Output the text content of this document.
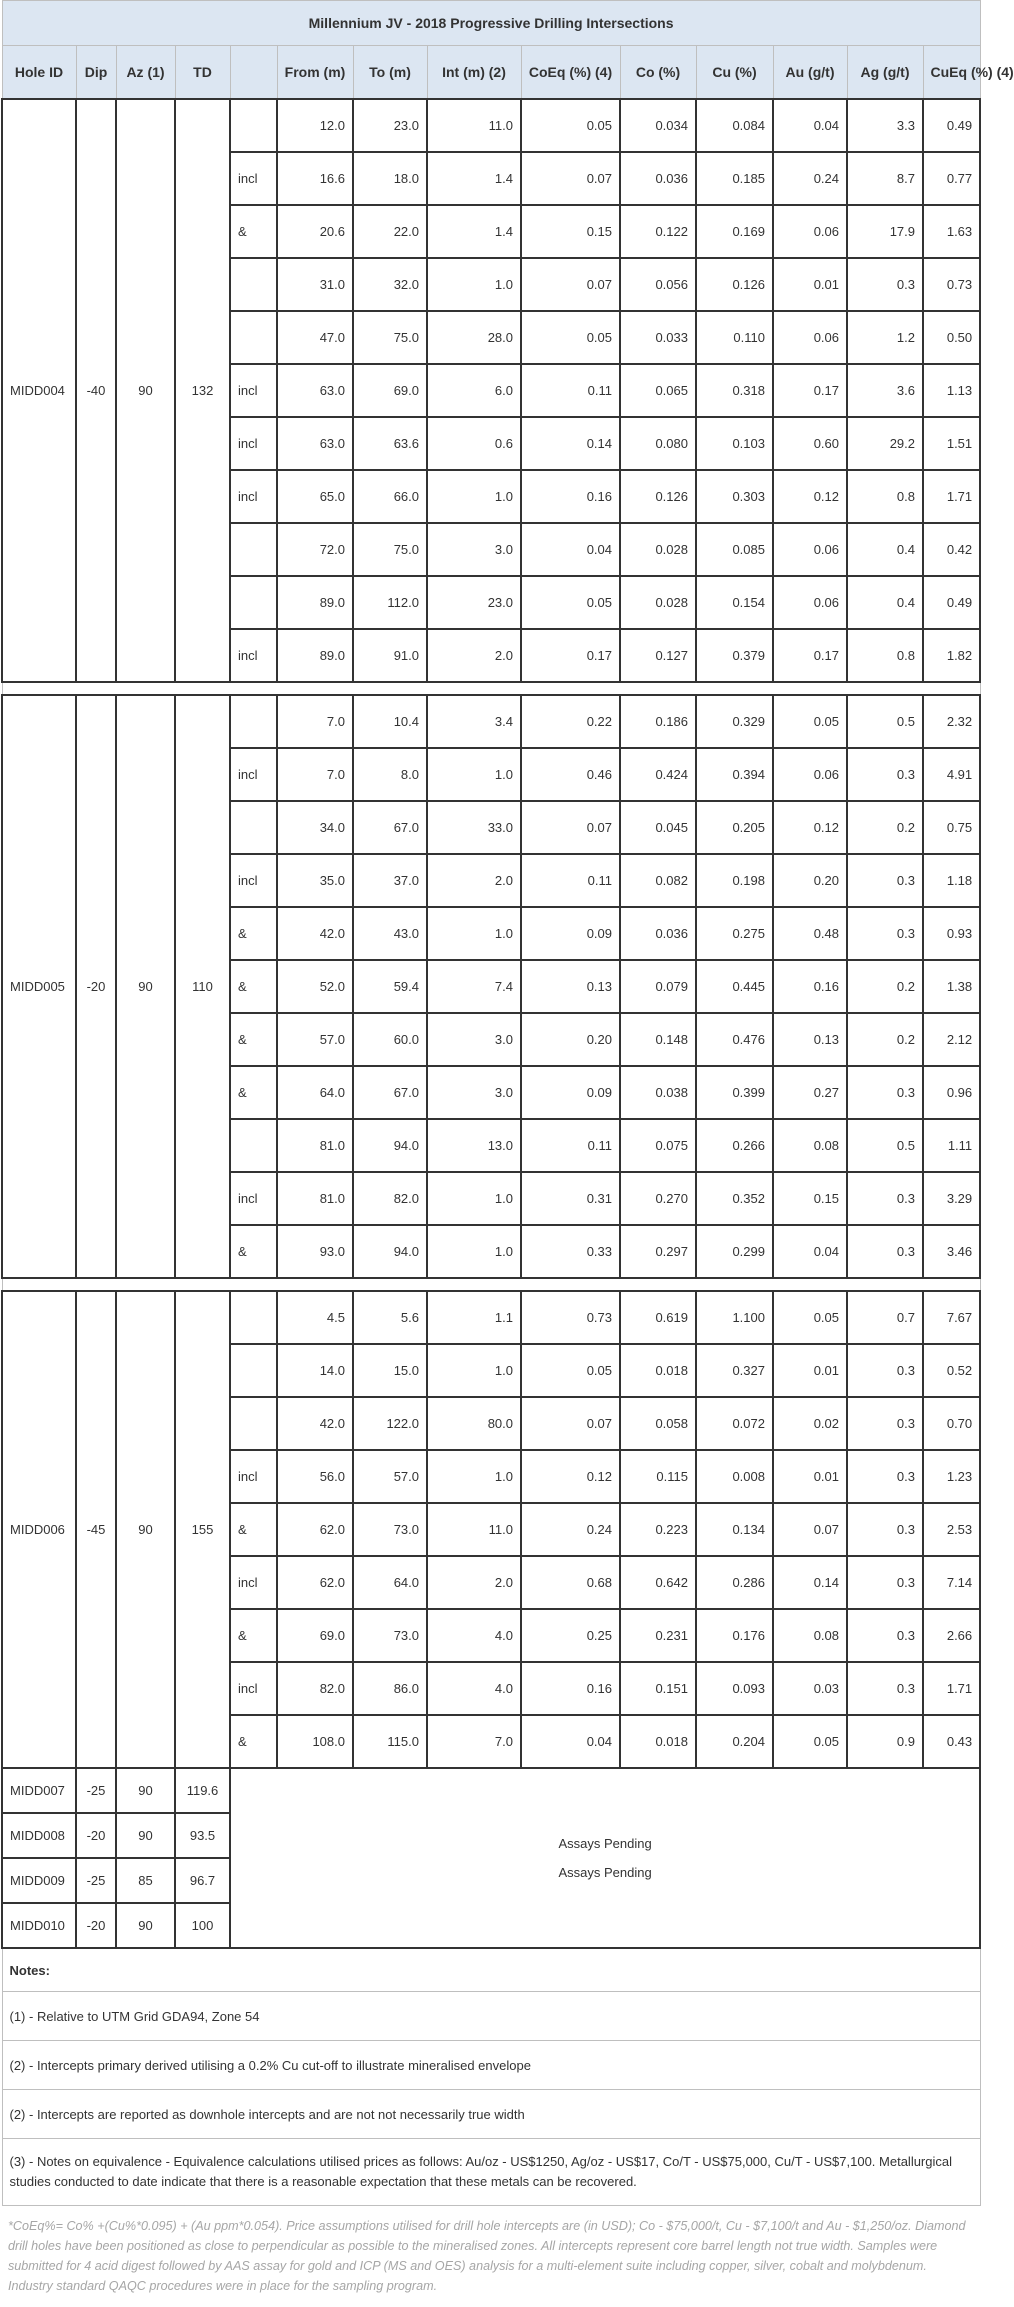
Millennium JV - 2018 Progressive Drilling Intersections													
Hole ID	Dip	Az (1)	TD		From (m)	To (m)	Int (m) (2)	CoEq (%) (4)	Co (%)	Cu (%)	Au (g/t)	Ag (g/t)	CuEq (%) (4)
MIDD004	-40	90	132		12.0	23.0	11.0	0.05	0.034	0.084	0.04	3.3	0.49
				incl	16.6	18.0	1.4	0.07	0.036	0.185	0.24	8.7	0.77
				&	20.6	22.0	1.4	0.15	0.122	0.169	0.06	17.9	1.63
					31.0	32.0	1.0	0.07	0.056	0.126	0.01	0.3	0.73
					47.0	75.0	28.0	0.05	0.033	0.110	0.06	1.2	0.50
				incl	63.0	69.0	6.0	0.11	0.065	0.318	0.17	3.6	1.13
				incl	63.0	63.6	0.6	0.14	0.080	0.103	0.60	29.2	1.51
				incl	65.0	66.0	1.0	0.16	0.126	0.303	0.12	0.8	1.71
					72.0	75.0	3.0	0.04	0.028	0.085	0.06	0.4	0.42
					89.0	112.0	23.0	0.05	0.028	0.154	0.06	0.4	0.49
				incl	89.0	91.0	2.0	0.17	0.127	0.379	0.17	0.8	1.82

MIDD005	-20	90	110		7.0	10.4	3.4	0.22	0.186	0.329	0.05	0.5	2.32
				incl	7.0	8.0	1.0	0.46	0.424	0.394	0.06	0.3	4.91
					34.0	67.0	33.0	0.07	0.045	0.205	0.12	0.2	0.75
				incl	35.0	37.0	2.0	0.11	0.082	0.198	0.20	0.3	1.18
				&	42.0	43.0	1.0	0.09	0.036	0.275	0.48	0.3	0.93
				&	52.0	59.4	7.4	0.13	0.079	0.445	0.16	0.2	1.38
				&	57.0	60.0	3.0	0.20	0.148	0.476	0.13	0.2	2.12
				&	64.0	67.0	3.0	0.09	0.038	0.399	0.27	0.3	0.96
					81.0	94.0	13.0	0.11	0.075	0.266	0.08	0.5	1.11
				incl	81.0	82.0	1.0	0.31	0.270	0.352	0.15	0.3	3.29
				&	93.0	94.0	1.0	0.33	0.297	0.299	0.04	0.3	3.46

MIDD006	-45	90	155		4.5	5.6	1.1	0.73	0.619	1.100	0.05	0.7	7.67
					14.0	15.0	1.0	0.05	0.018	0.327	0.01	0.3	0.52
					42.0	122.0	80.0	0.07	0.058	0.072	0.02	0.3	0.70
				incl	56.0	57.0	1.0	0.12	0.115	0.008	0.01	0.3	1.23
				&	62.0	73.0	11.0	0.24	0.223	0.134	0.07	0.3	2.53
				incl	62.0	64.0	2.0	0.68	0.642	0.286	0.14	0.3	7.14
				&	69.0	73.0	4.0	0.25	0.231	0.176	0.08	0.3	2.66
				incl	82.0	86.0	4.0	0.16	0.151	0.093	0.03	0.3	1.71
				&	108.0	115.0	7.0	0.04	0.018	0.204	0.05	0.9	0.43
MIDD007	-25	90	119.6	Assays Pending
Assays Pending									

MIDD008	-20	90	93.5										
MIDD009	-25	85	96.7										
MIDD010	-20	90	100										
Notes:													
(1) - Relative to UTM Grid GDA94, Zone 54													
(2) - Intercepts primary derived utilising a 0.2% Cu cut-off to illustrate mineralised envelope													
(2) - Intercepts are reported as downhole intercepts and are not not necessarily true width													
(3) - Notes on equivalence - Equivalence calculations utilised prices as follows: Au/oz - US$1250, Ag/oz - US$17, Co/T - US$75,000, Cu/T - US$7,100. Metallurgical studies conducted to date indicate that there is a reasonable expectation that these metals can be recovered.													
*CoEq%= Co% +(Cu%*0.095) + (Au ppm*0.054). Price assumptions utilised for drill hole intercepts are (in USD); Co - $75,000/t, Cu - $7,100/t and Au - $1,250/oz. Diamond drill holes have been positioned as close to perpendicular as possible to the mineralised zones. All intercepts represent core barrel length not true width. Samples were submitted for 4 acid digest followed by AAS assay for gold and ICP (MS and OES) analysis for a multi-element suite including copper, silver, cobalt and molybdenum. Industry standard QAQC procedures were in place for the sampling program.
